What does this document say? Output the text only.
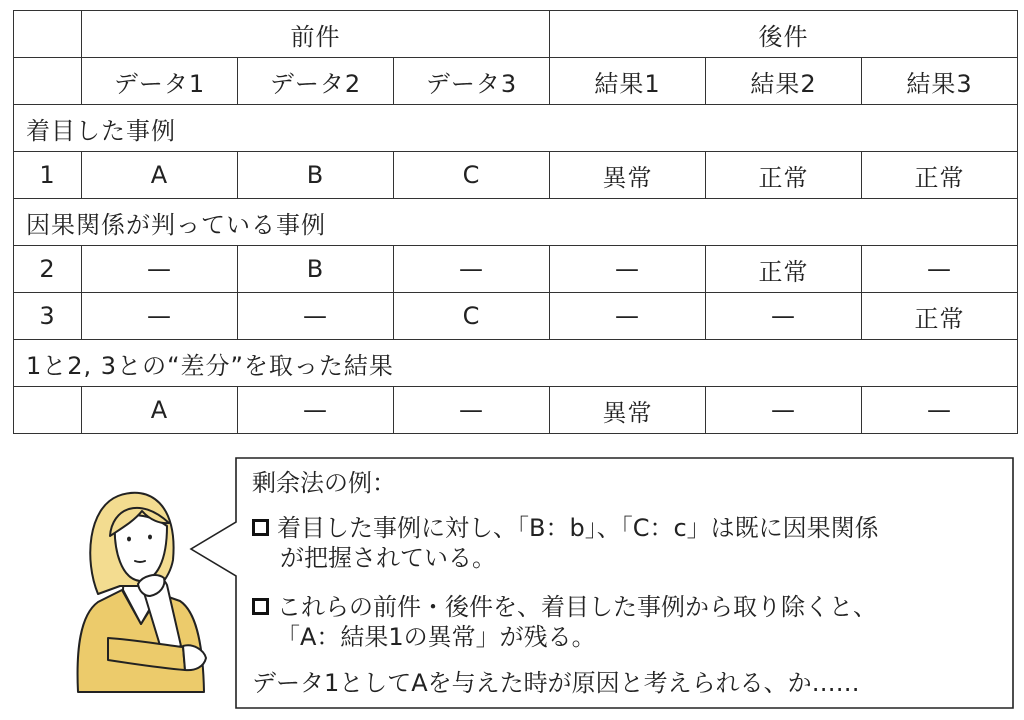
	前件			後件		
	データ1	データ2	データ3	結果1	結果2	結果3
着目した事例						
1	A	B	C	異常	正常	正常
因果関係が判っている事例						
2	—	B	—	—	正常	—
3	—	—	C	—	—	正常
1と2, 3との“差分”を取った結果						
	A	—	—	異常	—	—
剰余法の例：
着目した事例に対し、「B：b」、「C：c」は既に因果関係
が把握されている。
これらの前件・後件を、着目した事例から取り除くと、
「A：結果1の異常」が残る。
データ1としてAを与えた時が原因と考えられる、か……
